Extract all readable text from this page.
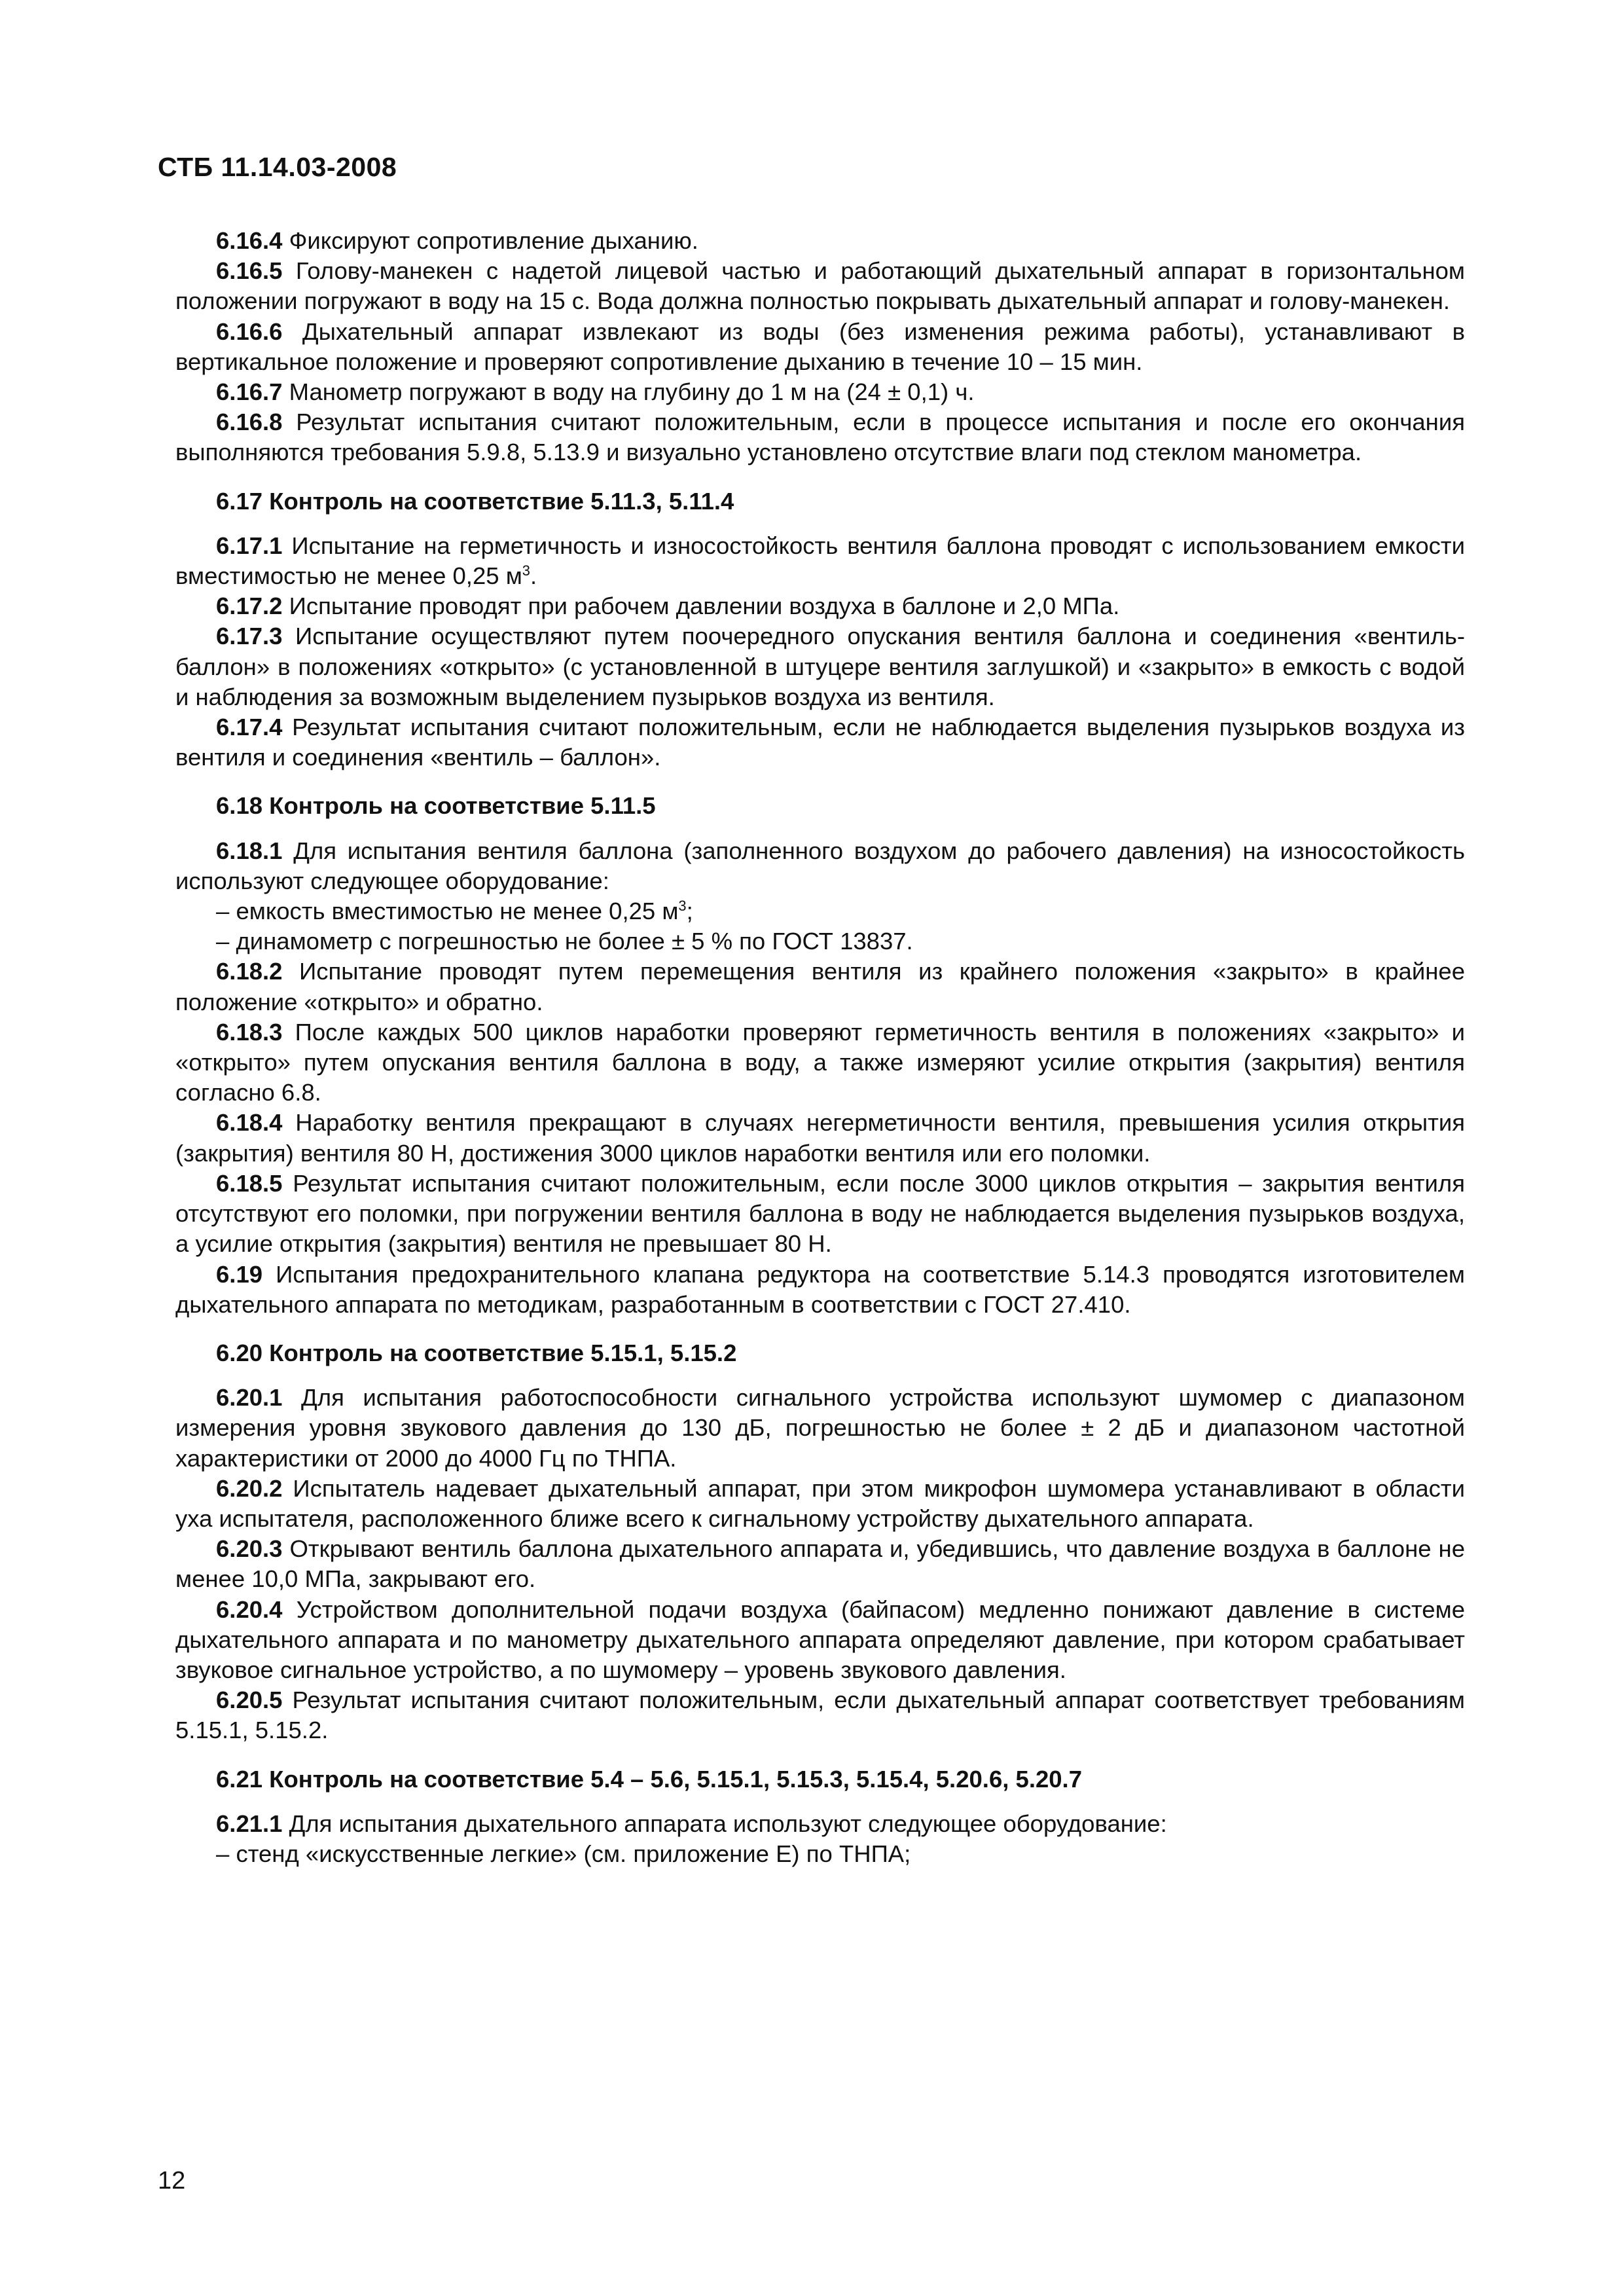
СТБ 11.14.03-2008

6.16.4 Фиксируют сопротивление дыханию.

6.16.5 Голову-манекен с надетой лицевой частью и работающий дыхательный аппарат в горизонтальном положении погружают в воду на 15 с. Вода должна полностью покрывать дыхательный аппарат и голову-манекен.

6.16.6 Дыхательный аппарат извлекают из воды (без изменения режима работы), устанавливают в вертикальное положение и проверяют сопротивление дыханию в течение 10 – 15 мин.

6.16.7 Манометр погружают в воду на глубину до 1 м на (24 ± 0,1) ч.

6.16.8 Результат испытания считают положительным, если в процессе испытания и после его окончания выполняются требования 5.9.8, 5.13.9 и визуально установлено отсутствие влаги под стеклом манометра.

6.17 Контроль на соответствие 5.11.3, 5.11.4

6.17.1 Испытание на герметичность и износостойкость вентиля баллона проводят с использованием емкости вместимостью не менее 0,25 $м^3$.

6.17.2 Испытание проводят при рабочем давлении воздуха в баллоне и 2,0 МПа.

6.17.3 Испытание осуществляют путем поочередного опускания вентиля баллона и соединения «вентиль-баллон» в положениях «открыто» (с установленной в штуцере вентиля заглушкой) и «закрыто» в емкость с водой и наблюдения за возможным выделением пузырьков воздуха из вентиля.

6.17.4 Результат испытания считают положительным, если не наблюдается выделения пузырьков воздуха из вентиля и соединения «вентиль – баллон».

6.18 Контроль на соответствие 5.11.5

6.18.1 Для испытания вентиля баллона (заполненного воздухом до рабочего давления) на износостойкость используют следующее оборудование:

– емкость вместимостью не менее 0,25 $м^3$;

– динамометр с погрешностью не более ± 5 % по ГОСТ 13837.

6.18.2 Испытание проводят путем перемещения вентиля из крайнего положения «закрыто» в крайнее положение «открыто» и обратно.

6.18.3 После каждых 500 циклов наработки проверяют герметичность вентиля в положениях «закрыто» и «открыто» путем опускания вентиля баллона в воду, а также измеряют усилие открытия (закрытия) вентиля согласно 6.8.

6.18.4 Наработку вентиля прекращают в случаях негерметичности вентиля, превышения усилия открытия (закрытия) вентиля 80 Н, достижения 3000 циклов наработки вентиля или его поломки.

6.18.5 Результат испытания считают положительным, если после 3000 циклов открытия – закрытия вентиля отсутствуют его поломки, при погружении вентиля баллона в воду не наблюдается выделения пузырьков воздуха, а усилие открытия (закрытия) вентиля не превышает 80 Н.

6.19 Испытания предохранительного клапана редуктора на соответствие 5.14.3 проводятся изготовителем дыхательного аппарата по методикам, разработанным в соответствии с ГОСТ 27.410.

6.20 Контроль на соответствие 5.15.1, 5.15.2

6.20.1 Для испытания работоспособности сигнального устройства используют шумомер с диапазоном измерения уровня звукового давления до 130 дБ, погрешностью не более ± 2 дБ и диапазоном частотной характеристики от 2000 до 4000 Гц по ТНПА.

6.20.2 Испытатель надевает дыхательный аппарат, при этом микрофон шумомера устанавливают в области уха испытателя, расположенного ближе всего к сигнальному устройству дыхательного аппарата.

6.20.3 Открывают вентиль баллона дыхательного аппарата и, убедившись, что давление воздуха в баллоне не менее 10,0 МПа, закрывают его.

6.20.4 Устройством дополнительной подачи воздуха (байпасом) медленно понижают давление в системе дыхательного аппарата и по манометру дыхательного аппарата определяют давление, при котором срабатывает звуковое сигнальное устройство, а по шумомеру – уровень звукового давления.

6.20.5 Результат испытания считают положительным, если дыхательный аппарат соответствует требованиям 5.15.1, 5.15.2.

6.21 Контроль на соответствие 5.4 – 5.6, 5.15.1, 5.15.3, 5.15.4, 5.20.6, 5.20.7

6.21.1 Для испытания дыхательного аппарата используют следующее оборудование:

– стенд «искусственные легкие» (см. приложение Е) по ТНПА;

12
